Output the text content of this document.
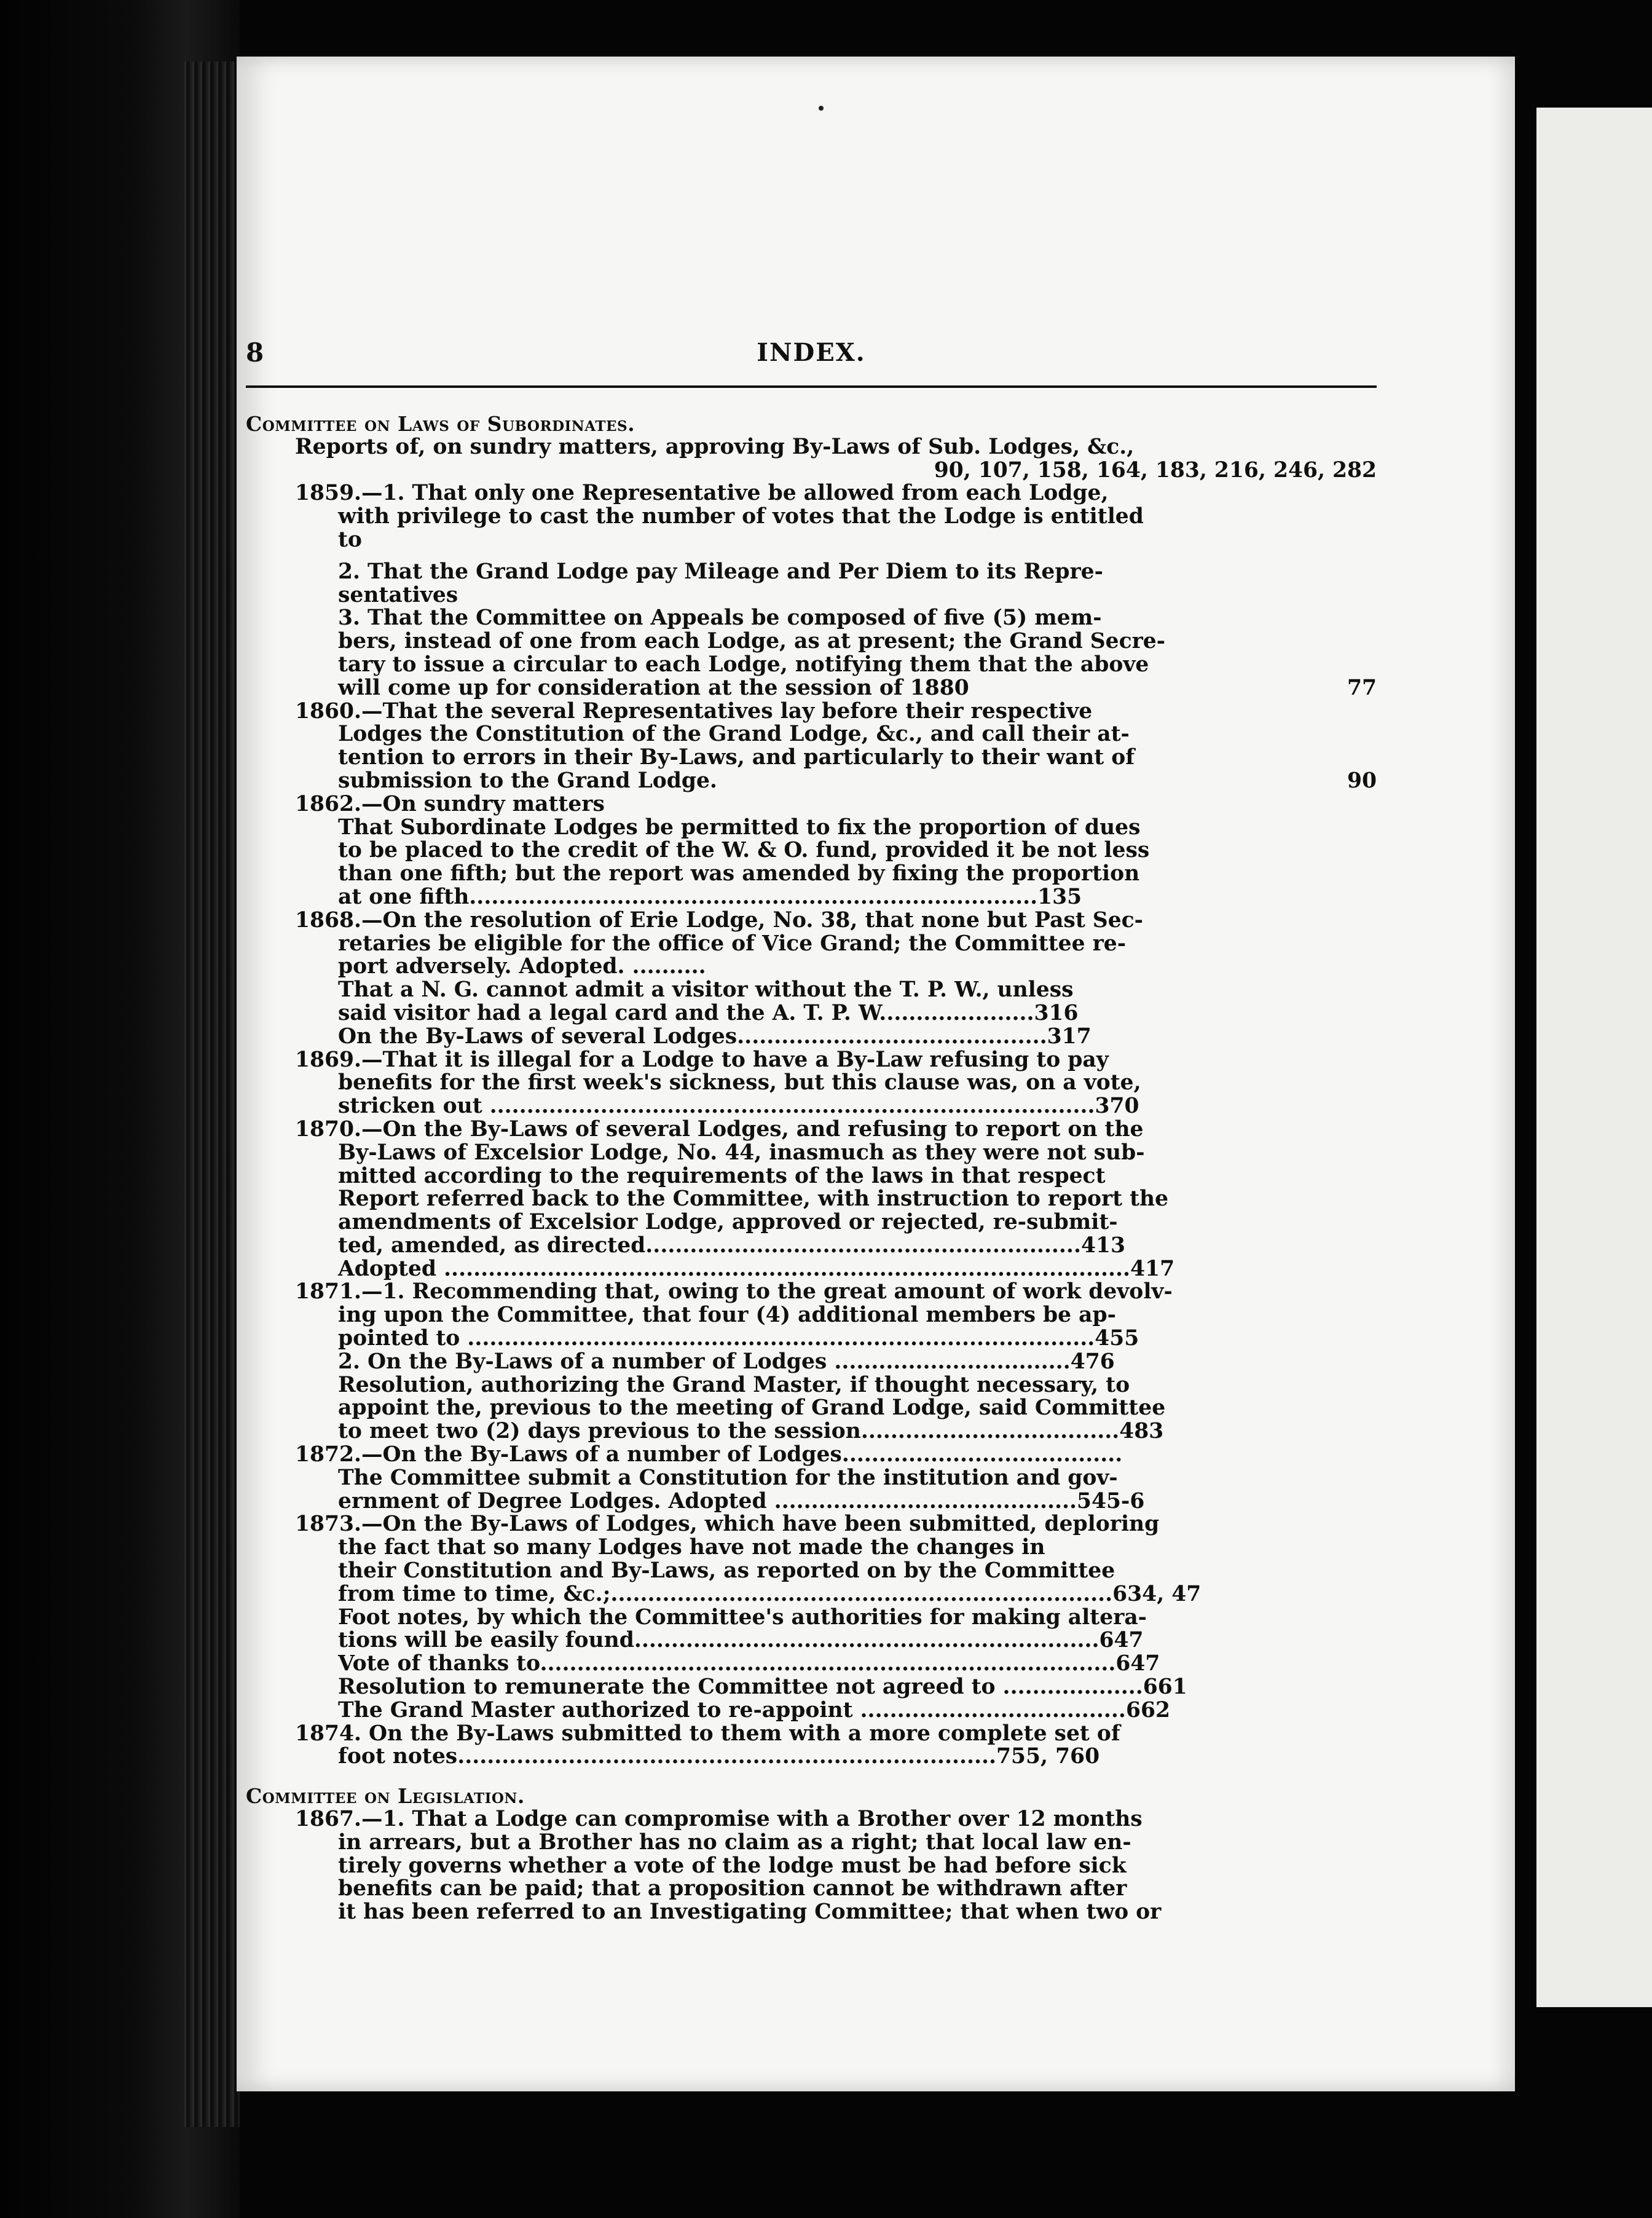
8	INDEX.
Committee on Laws of Subordinates.
Reports of, on sundry matters, approving By-Laws of Sub. Lodges, &c.,
90, 107, 158, 164, 183, 216, 246, 282
1859.—1. That only one Representative be allowed from each Lodge,
with privilege to cast the number of votes that the Lodge is entitled
to
2. That the Grand Lodge pay Mileage and Per Diem to its Repre-
sentatives
3. That the Committee on Appeals be composed of five (5) mem-
bers, instead of one from each Lodge, as at present; the Grand Secre-
tary to issue a circular to each Lodge, notifying them that the above
will come up for consideration at the session of 1880	77
1860.—That the several Representatives lay before their respective
Lodges the Constitution of the Grand Lodge, &c., and call their at-
tention to errors in their By-Laws, and particularly to their want of
submission to the Grand Lodge.	90
1862.—On sundry matters
That Subordinate Lodges be permitted to fix the proportion of dues
to be placed to the credit of the W. & O. fund, provided it be not less
than one fifth; but the report was amended by fixing the proportion
at one fifth.............................................................................135
1868.—On the resolution of Erie Lodge, No. 38, that none but Past Sec-
retaries be eligible for the office of Vice Grand; the Committee re-
port adversely. Adopted. ..........
That a N. G. cannot admit a visitor without the T. P. W., unless
said visitor had a legal card and the A. T. P. W.....................316
On the By-Laws of several Lodges..........................................317
1869.—That it is illegal for a Lodge to have a By-Law refusing to pay
benefits for the first week's sickness, but this clause was, on a vote,
stricken out ..................................................................................370
1870.—On the By-Laws of several Lodges, and refusing to report on the
By-Laws of Excelsior Lodge, No. 44, inasmuch as they were not sub-
mitted according to the requirements of the laws in that respect
Report referred back to the Committee, with instruction to report the
amendments of Excelsior Lodge, approved or rejected, re-submit-
ted, amended, as directed...........................................................413
Adopted .............................................................................................417
1871.—1. Recommending that, owing to the great amount of work devolv-
ing upon the Committee, that four (4) additional members be ap-
pointed to .....................................................................................455
2. On the By-Laws of a number of Lodges ................................476
Resolution, authorizing the Grand Master, if thought necessary, to
appoint the, previous to the meeting of Grand Lodge, said Committee
to meet two (2) days previous to the session...................................483
1872.—On the By-Laws of a number of Lodges......................................
The Committee submit a Constitution for the institution and gov-
ernment of Degree Lodges. Adopted .........................................545-6
1873.—On the By-Laws of Lodges, which have been submitted, deploring
the fact that so many Lodges have not made the changes in
their Constitution and By-Laws, as reported on by the Committee
from time to time, &c.;....................................................................634, 47
Foot notes, by which the Committee's authorities for making altera-
tions will be easily found...............................................................647
Vote of thanks to..............................................................................647
Resolution to remunerate the Committee not agreed to ...................661
The Grand Master authorized to re-appoint ....................................662
1874. On the By-Laws submitted to them with a more complete set of
foot notes.........................................................................755, 760
Committee on Legislation.
1867.—1. That a Lodge can compromise with a Brother over 12 months
in arrears, but a Brother has no claim as a right; that local law en-
tirely governs whether a vote of the lodge must be had before sick
benefits can be paid; that a proposition cannot be withdrawn after
it has been referred to an Investigating Committee; that when two or
